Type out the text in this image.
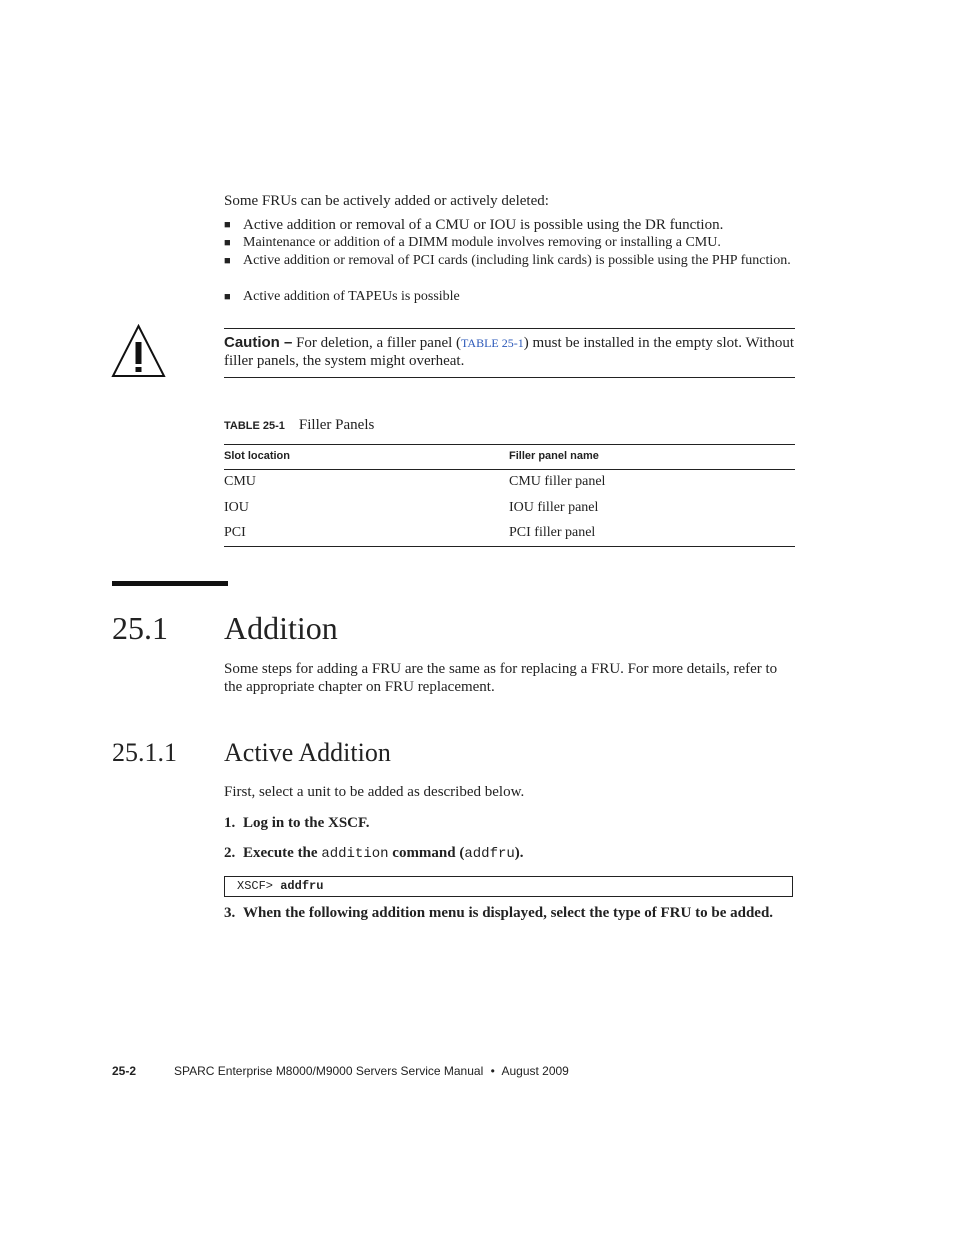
Some FRUs can be actively added or actively deleted:
■ Active addition or removal of a CMU or IOU is possible using the DR function.
■ Maintenance or addition of a DIMM module involves removing or installing a CMU.
■ Active addition or removal of PCI cards (including link cards) is possible using the PHP function.
■ Active addition of TAPEUs is possible
Caution – For deletion, a filler panel (TABLE 25-1) must be installed in the empty slot. Without filler panels, the system might overheat.
TABLE 25-1 Filler Panels
Slot location	Filler panel name
CMU	CMU filler panel
IOU	IOU filler panel
PCI	PCI filler panel
25.1 Addition
Some steps for adding a FRU are the same as for replacing a FRU. For more details, refer to the appropriate chapter on FRU replacement.
25.1.1 Active Addition
First, select a unit to be added as described below.
1. Log in to the XSCF.
2. Execute the addition command (addfru).
XSCF> addfru
3. When the following addition menu is displayed, select the type of FRU to be added.
25-2	SPARC Enterprise M8000/M9000 Servers Service Manual • August 2009
